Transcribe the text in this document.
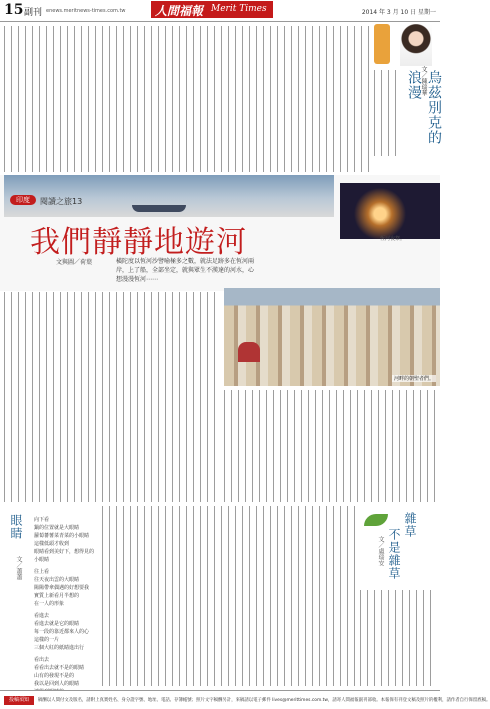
15 副刊 enews.meritnews-times.com.tw 人間福報 Merit Times	2014 年 3 月 10 日 星期一
文／陳瑞華 烏茲別克的浪漫
恆河夜祭。
印度	閱讀之旅13
我們靜靜地遊河
文與圖／荷葉	橫陀度以恆河沙譬喻極多之數，就法足跡多在恆河兩岸，上了船，全部坐定，就與眾生不漢達的河水，心想漫漫恆河⋯⋯
河畔的朝聖者們。
眼睛
文／蕭蕭

向下看
鍋的位置就是大眼睛
蘿蔔蕃薯菜青菜的小眼睛
這樣低頭才收到
眼睛看到美好下，想得見的小眼睛

往上看
往天夜出雲的大眼睛
陽陽帶傘偶遇的好想要我
實質上新看月半想的
在一人的形象

看進去
看進去就是它的眼睛
每一段的靠近都來人的心
這樣的一片
三個大紅的紙睛進出行

看出去
看看出去就不是的眼睛
山有的發現不是的
我以是回到人的眼睛

雜草
不是雜草
文／盧瑞安
投稿須知	稿酬以人間付文及版名，請附上真實姓名、身分證字號、地址、電話、存簿帳號；照片文字稿酬另計，來稿請以電子郵件 lives@merittimes.com.tw，請寄人間福報副刊部收。本報保有刊登文稿及照片的權利，請作者自行保留底稿。
